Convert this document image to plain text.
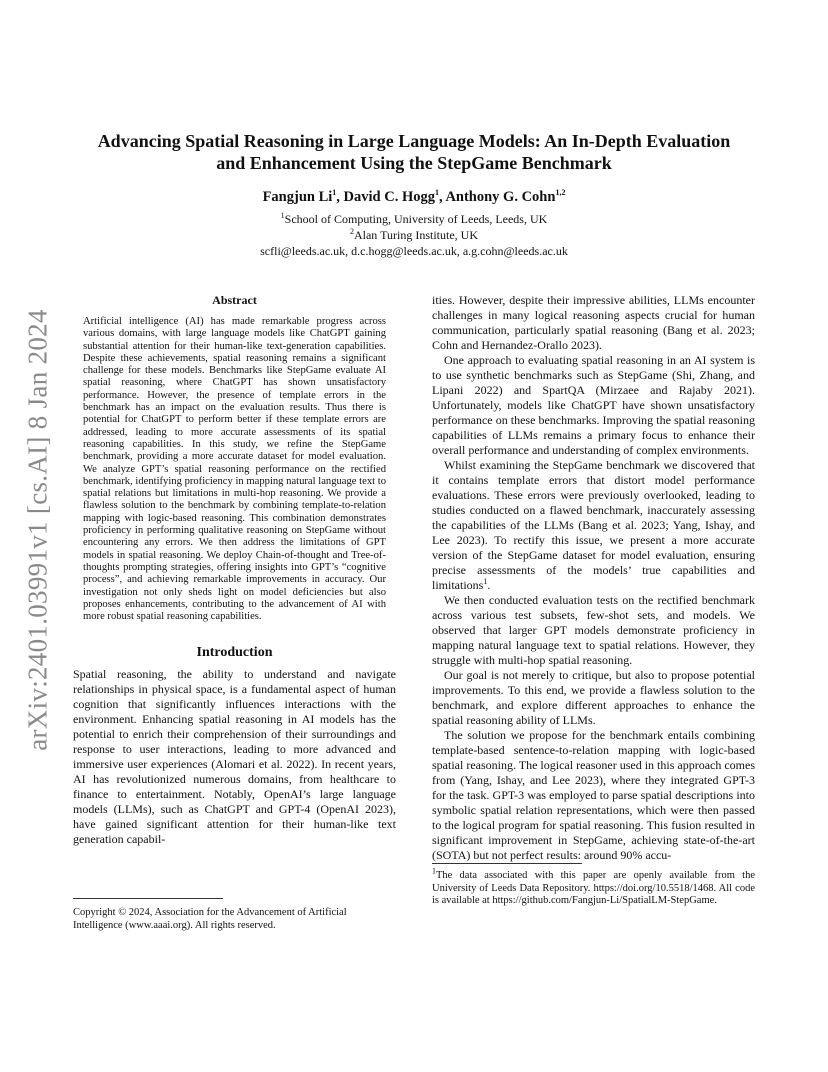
arXiv:2401.03991v1 [cs.AI] 8 Jan 2024
Advancing Spatial Reasoning in Large Language Models: An In-Depth Evaluation
and Enhancement Using the StepGame Benchmark
Fangjun Li$^1$, David C. Hogg$^1$, Anthony G. Cohn$^{1,2}$
$^1$School of Computing, University of Leeds, Leeds, UK
$^2$Alan Turing Institute, UK
scfli@leeds.ac.uk, d.c.hogg@leeds.ac.uk, a.g.cohn@leeds.ac.uk
Abstract

Artificial intelligence (AI) has made remarkable progress across various domains, with large language models like ChatGPT gaining substantial attention for their human-like text-generation capabilities. Despite these achievements, spatial reasoning remains a significant challenge for these models. Benchmarks like StepGame evaluate AI spatial reasoning, where ChatGPT has shown unsatisfactory performance. However, the presence of template errors in the benchmark has an impact on the evaluation results. Thus there is potential for ChatGPT to perform better if these template errors are addressed, leading to more accurate assessments of its spatial reasoning capabilities. In this study, we refine the StepGame benchmark, providing a more accurate dataset for model evaluation. We analyze GPT’s spatial reasoning performance on the rectified benchmark, identifying proficiency in mapping natural language text to spatial relations but limitations in multi-hop reasoning. We provide a flawless solution to the benchmark by combining template-to-relation mapping with logic-based reasoning. This combination demonstrates proficiency in performing qualitative reasoning on StepGame without encountering any errors. We then address the limitations of GPT models in spatial reasoning. We deploy Chain-of-thought and Tree-of-thoughts prompting strategies, offering insights into GPT’s “cognitive process”, and achieving remarkable improvements in accuracy. Our investigation not only sheds light on model deficiencies but also proposes enhancements, contributing to the advancement of AI with more robust spatial reasoning capabilities.

Introduction

Spatial reasoning, the ability to understand and navigate relationships in physical space, is a fundamental aspect of human cognition that significantly influences interactions with the environment. Enhancing spatial reasoning in AI models has the potential to enrich their comprehension of their surroundings and response to user interactions, leading to more advanced and immersive user experiences (Alomari et al. 2022). In recent years, AI has revolutionized numerous domains, from healthcare to finance to entertainment. Notably, OpenAI’s large language models (LLMs), such as ChatGPT and GPT-4 (OpenAI 2023), have gained significant attention for their human-like text generation capabil-

ities. However, despite their impressive abilities, LLMs encounter challenges in many logical reasoning aspects crucial for human communication, particularly spatial reasoning (Bang et al. 2023; Cohn and Hernandez-Orallo 2023).

One approach to evaluating spatial reasoning in an AI system is to use synthetic benchmarks such as StepGame (Shi, Zhang, and Lipani 2022) and SpartQA (Mirzaee and Rajaby 2021). Unfortunately, models like ChatGPT have shown unsatisfactory performance on these benchmarks. Improving the spatial reasoning capabilities of LLMs remains a primary focus to enhance their overall performance and understanding of complex environments.

Whilst examining the StepGame benchmark we discovered that it contains template errors that distort model performance evaluations. These errors were previously overlooked, leading to studies conducted on a flawed benchmark, inaccurately assessing the capabilities of the LLMs (Bang et al. 2023; Yang, Ishay, and Lee 2023). To rectify this issue, we present a more accurate version of the StepGame dataset for model evaluation, ensuring precise assessments of the models’ true capabilities and limitations$^1$.

We then conducted evaluation tests on the rectified benchmark across various test subsets, few-shot sets, and models. We observed that larger GPT models demonstrate proficiency in mapping natural language text to spatial relations. However, they struggle with multi-hop spatial reasoning.

Our goal is not merely to critique, but also to propose potential improvements. To this end, we provide a flawless solution to the benchmark, and explore different approaches to enhance the spatial reasoning ability of LLMs.

The solution we propose for the benchmark entails combining template-based sentence-to-relation mapping with logic-based spatial reasoning. The logical reasoner used in this approach comes from (Yang, Ishay, and Lee 2023), where they integrated GPT-3 for the task. GPT-3 was employed to parse spatial descriptions into symbolic spatial relation representations, which were then passed to the logical program for spatial reasoning. This fusion resulted in significant improvement in StepGame, achieving state-of-the-art (SOTA) but not perfect results: around 90% accu-

Copyright © 2024, Association for the Advancement of Artificial Intelligence (www.aaai.org). All rights reserved.
$^1$The data associated with this paper are openly available from the University of Leeds Data Repository. https://doi.org/10.5518/1468. All code is available at https://github.com/Fangjun-Li/SpatialLM-StepGame.
